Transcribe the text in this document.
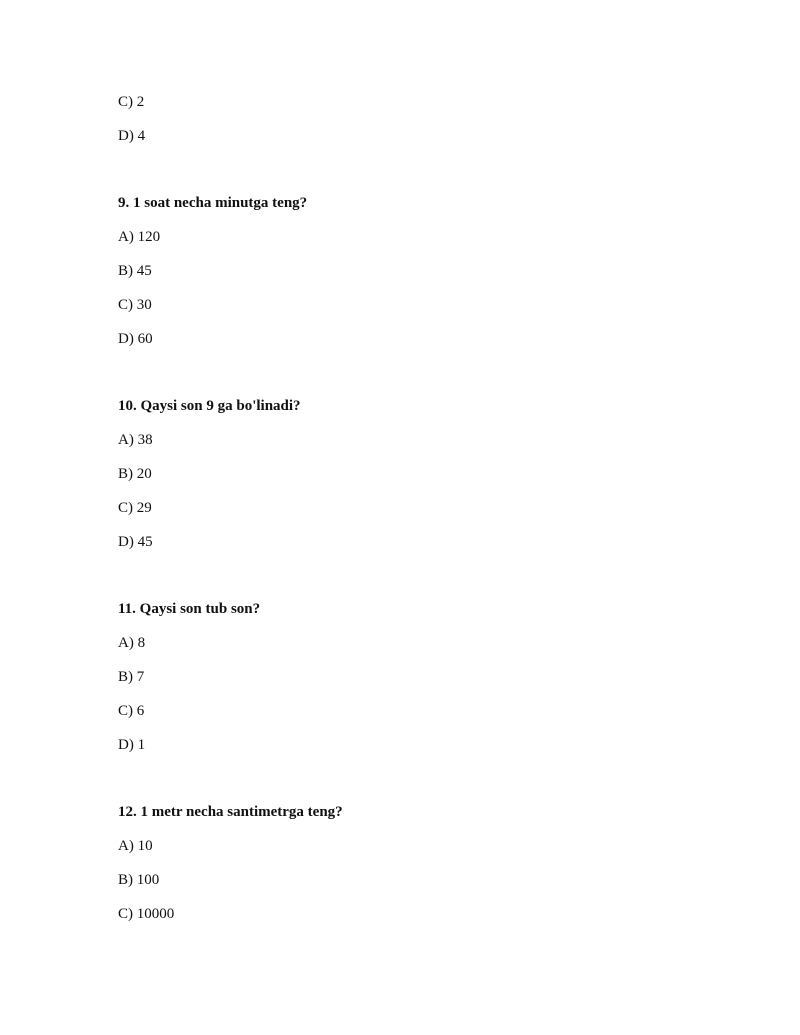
C) 2
D) 4
9. 1 soat necha minutga teng?
A) 120
B) 45
C) 30
D) 60
10. Qaysi son 9 ga bo'linadi?
A) 38
B) 20
C) 29
D) 45
11. Qaysi son tub son?
A) 8
B) 7
C) 6
D) 1
12. 1 metr necha santimetrga teng?
A) 10
B) 100
C) 10000
